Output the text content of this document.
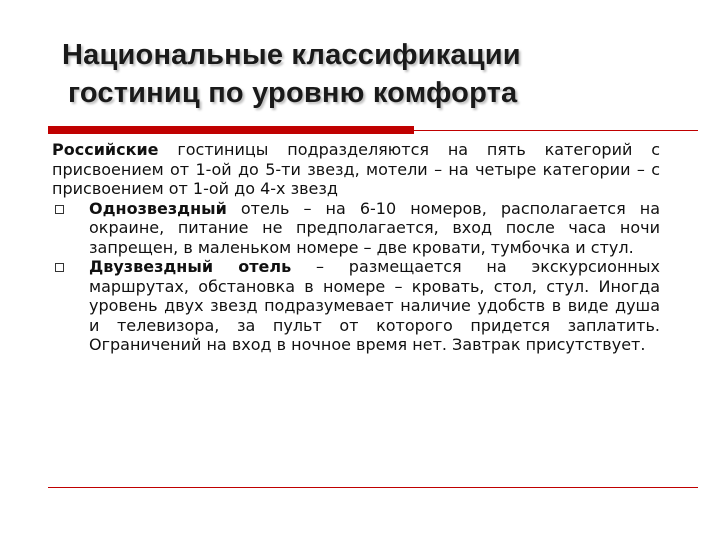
Национальные классификации
гостиниц по уровню комфорта

Российские гостиницы подразделяются на пять категорий с присвоением от 1-ой до 5-ти звезд, мотели – на четыре категории – с присвоением от 1-ой до 4-х звезд

Однозвездный отель – на 6-10 номеров, располагается на окраине, питание не предполагается, вход после часа ночи запрещен, в маленьком номере – две кровати, тумбочка и стул.
Двузвездный отель – размещается на экскурсионных маршрутах, обстановка в номере – кровать, стол, стул. Иногда уровень двух звезд подразумевает наличие удобств в виде душа и телевизора, за пульт от которого придется заплатить. Ограничений на вход в ночное время нет. Завтрак присутствует.
